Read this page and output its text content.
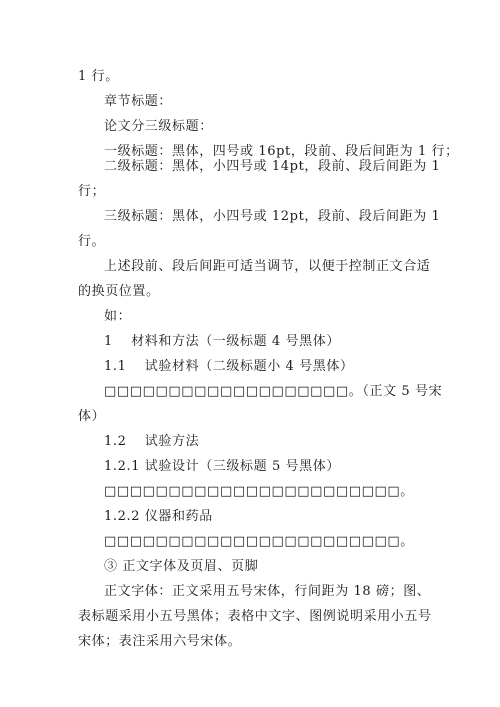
1 行。
章节标题：
论文分三级标题：
一级标题：黑体，四号或 16pt，段前、段后间距为 1 行；
二级标题：黑体，小四号或 14pt，段前、段后间距为 1
行；
三级标题：黑体，小四号或 12pt，段前、段后间距为 1
行。
上述段前、段后间距可适当调节，以便于控制正文合适
的换页位置。
如：
1　 材料和方法（一级标题 4 号黑体）
1.1　 试验材料（二级标题小 4 号黑体）
□□□□□□□□□□□□□□□□□□□。（正文 5 号宋
体）
1.2　 试验方法
1.2.1 试验设计（三级标题 5 号黑体）
□□□□□□□□□□□□□□□□□□□□□□□。
1.2.2 仪器和药品
□□□□□□□□□□□□□□□□□□□□□□□。
③ 正文字体及页眉、页脚
正文字体：正文采用五号宋体，行间距为 18 磅；图、
表标题采用小五号黑体；表格中文字、图例说明采用小五号
宋体；表注采用六号宋体。
